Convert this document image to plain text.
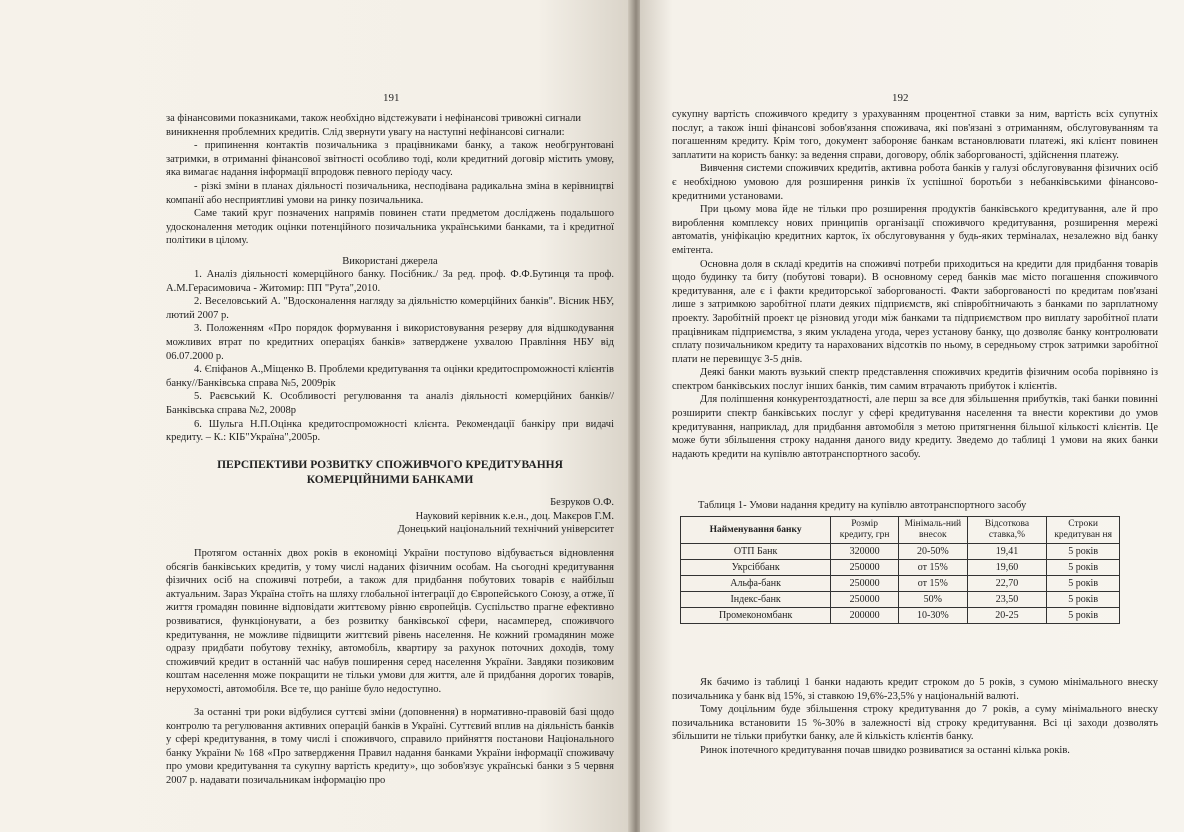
191
за фінансовими показниками, також необхідно відстежувати і нефінансові тривожні сигнали
виникнення проблемних кредитів. Слід звернути увагу на наступні нефінансові сигнали:
- припинення контактів позичальника з працівниками банку, а також необгрунтовані затримки, в отриманні фінансової звітності особливо тоді, коли кредитний договір містить умову, яка вимагає надання інформації впродовж певного періоду часу.
- різкі зміни в планах діяльності позичальника, несподівана радикальна зміна в керівництві компанії або несприятливі умови на ринку позичальника.
Саме такий круг позначених напрямів повинен стати предметом досліджень подальшого удосконалення методик оцінки потенційного позичальника українськими банками, та і кредитної політики в цілому.
Використані джерела
1. Аналіз діяльності комерційного банку. Посібник./ За ред. проф. Ф.Ф.Бутинця та проф. А.М.Герасимовича - Житомир: ПП "Рута",2010.
2. Веселовський А. "Вдосконалення нагляду за діяльністю комерційних банків". Вісник НБУ, лютий 2007 р.
3. Положенням «Про порядок формування і використовування резерву для відшкодування можливих втрат по кредитних операціях банків» затверджене ухвалою Правління НБУ від 06.07.2000 р.
4. Єпіфанов А.,Міщенко В. Проблеми кредитування та оцінки кредитоспроможності клієнтів банку//Банківська справа №5, 2009рік
5. Раєвський К. Особливості регулювання та аналіз діяльності комерційних банків// Банківська справа №2, 2008р
6. Шульга Н.П.Оцінка кредитоспроможності клієнта. Рекомендації банкіру при видачі кредиту. – К.: КІБ"Україна",2005р.
ПЕРСПЕКТИВИ РОЗВИТКУ СПОЖИВЧОГО КРЕДИТУВАННЯ
КОМЕРЦІЙНИМИ БАНКАМИ
Безруков О.Ф.
Науковий керівник к.е.н., доц. Макєров Г.М.
Донецький національний технічний університет
Протягом останніх двох років в економіці України поступово відбувається відновлення обсягів банківських кредитів, у тому числі наданих фізичним особам. На сьогодні кредитування фізичних осіб на споживчі потреби, а також для придбання побутових товарів є найбільш актуальним. Зараз Україна стоїть на шляху глобальної інтеграції до Європейського Союзу, а отже, її життя громадян повинне відповідати життєвому рівню європейців. Суспільство прагне ефективно розвиватися, функціонувати, а без розвитку банківської сфери, насамперед, споживчого кредитування, не можливе підвищити життєвий рівень населення. Не кожний громадянин може одразу придбати побутову техніку, автомобіль, квартиру за рахунок поточних доходів, тому споживчий кредит в останній час набув поширення серед населення України. Завдяки позиковим коштам населення може покращити не тільки умови для життя, але й придбання дорогих товарів, нерухомості, автомобіля. Все те, що раніше було недоступно.
За останні три роки відбулися суттєві зміни (доповнення) в нормативно-правовій базі щодо контролю та регулювання активних операцій банків в Україні. Суттєвий вплив на діяльність банків у сфері кредитування, в тому числі і споживчого, справило прийняття постанови Національного банку України № 168 «Про затвердження Правил надання банками України інформації споживачу про умови кредитування та сукупну вартість кредиту», що зобов'язує українські банки з 5 червня 2007 р. надавати позичальникам інформацію про
192
сукупну вартість споживчого кредиту з урахуванням процентної ставки за ним, вартість всіх супутніх послуг, а також інші фінансові зобов'язання споживача, які пов'язані з отриманням, обслуговуванням та погашенням кредиту. Крім того, документ забороняє банкам встановлювати платежі, які клієнт повинен заплатити на користь банку: за ведення справи, договору, облік заборгованості, здійснення платежу.
Вивчення системи споживчих кредитів, активна робота банків у галузі обслуговування фізичних осіб є необхідною умовою для розширення ринків їх успішної боротьби з небанківськими фінансово-кредитними установами.
При цьому мова йде не тільки про розширення продуктів банківського кредитування, але й про вироблення комплексу нових принципів організації споживчого кредитування, розширення мережі автоматів, уніфікацію кредитних карток, їх обслуговування у будь-яких терміналах, незалежно від банку емітента.
Основна доля в складі кредитів на споживчі потреби приходиться на кредити для придбання товарів щодо будинку та биту (побутові товари). В основному серед банків має місто погашення споживчого кредитування, але є і факти кредиторської заборгованості. Факти заборгованості по кредитам пов'язані лише з затримкою заробітної плати деяких підприємств, які співробітничають з банками по зарплатному проекту. Заробітній проект це різновид угоди між банками та підприємством про виплату заробітної плати працівникам підприємства, з яким укладена угода, через установу банку, що дозволяє банку контролювати сплату позичальником кредиту та нарахованих відсотків по ньому, в середньому строк затримки заробітної плати не перевищує 3-5 днів.
Деякі банки мають вузький спектр представлення споживчих кредитів фізичним особа порівняно із спектром банківських послуг інших банків, тим самим втрачають прибуток і клієнтів.
Для поліпшення конкурентоздатності, але перш за все для збільшення прибутків, такі банки повинні розширити спектр банківських послуг у сфері кредитування населення та внести корективи до умов кредитування, наприклад, для придбання автомобіля з метою притягнення більшої кількості клієнтів. Це може бути збільшення строку надання даного виду кредиту. Зведемо до таблиці 1 умови на яких банки надають кредити на купівлю автотранспортного засобу.
Таблиця 1- Умови надання кредиту на купівлю автотранспортного засобу
Найменування банку	Розмір кредиту, грн	Мінімаль-ний внесок	Відсоткова ставка,%	Строки кредитуван ня
ОТП Банк	320000	20-50%	19,41	5 років
Укрсіббанк	250000	от 15%	19,60	5 років
Альфа-банк	250000	от 15%	22,70	5 років
Індекс-банк	250000	50%	23,50	5 років
Промекономбанк	200000	10-30%	20-25	5 років
Як бачимо із таблиці 1 банки надають кредит строком до 5 років, з сумою мінімального внеску позичальника у банк від 15%, зі ставкою 19,6%-23,5% у національній валюті.
Тому доцільним буде збільшення строку кредитування до 7 років, а суму мінімального внеску позичальника встановити 15 %-30% в залежності від строку кредитування. Всі ці заходи дозволять збільшити не тільки прибутки банку, але й кількість клієнтів банку.
Ринок іпотечного кредитування почав швидко розвиватися за останні кілька років.
